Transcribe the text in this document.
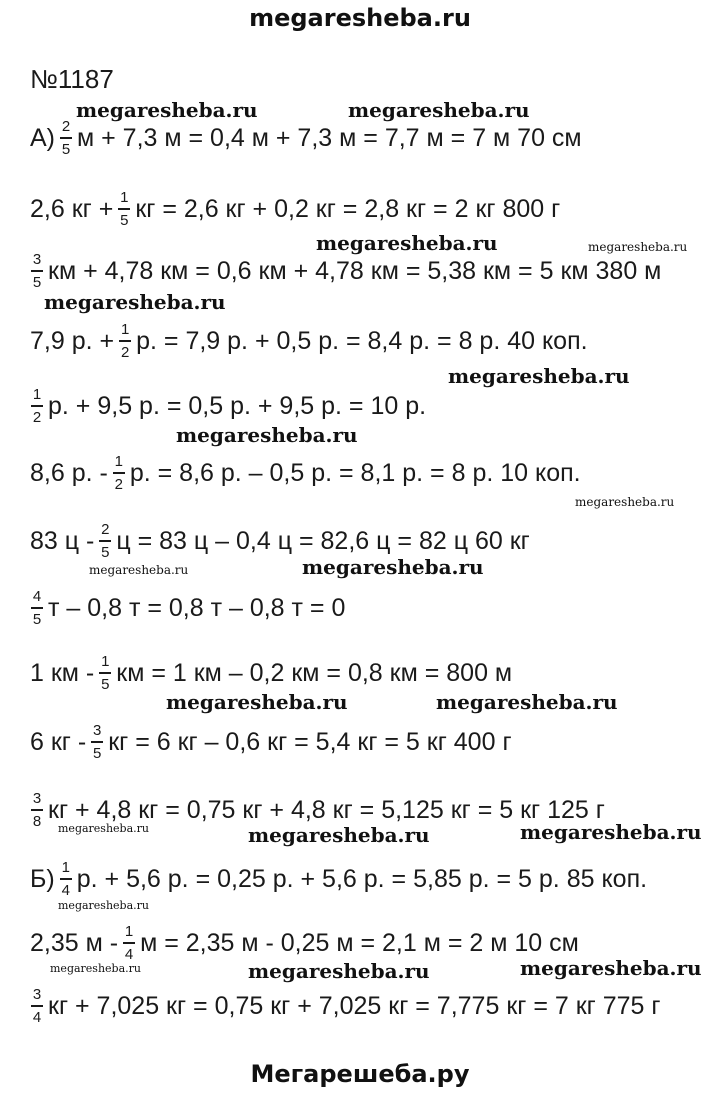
megaresheba.ru
№1187
$А) \frac{2}{5}$ м + 7,3 м = 0,4 м + 7,3 м = 7,7 м = 7 м 70 см
2,6 кг + $\frac{1}{5}$ кг = 2,6 кг + 0,2 кг = 2,8 кг = 2 кг 800 г
$\frac{3}{5}$ км + 4,78 км = 0,6 км + 4,78 км = 5,38 км = 5 км 380 м
7,9 р. + $\frac{1}{2} р$. = 7,9 р. + 0,5 р. = 8,4 р. = 8 р. 40 коп.
$\frac{1}{2} р$. + 9,5 р. = 0,5 р. + 9,5 р. = 10 р.
8,6 р. - $\frac{1}{2} р$. = 8,6 р. – 0,5 р. = 8,1 р. = 8 р. 10 коп.
83 ц - $\frac{2}{5}$ ц = 83 ц – 0,4 ц = 82,6 ц = 82 ц 60 кг
$\frac{4}{5}$ т – 0,8 т = 0,8 т – 0,8 т = 0
1 км - $\frac{1}{5}$ км = 1 км – 0,2 км = 0,8 км = 800 м
6 кг - $\frac{3}{5}$ кг = 6 кг – 0,6 кг = 5,4 кг = 5 кг 400 г
$\frac{3}{8}$ кг + 4,8 кг = 0,75 кг + 4,8 кг = 5,125 кг = 5 кг 125 г
$Б) \frac{1}{4} р$. + 5,6 р. = 0,25 р. + 5,6 р. = 5,85 р. = 5 р. 85 коп.
2,35 м - $\frac{1}{4}$ м = 2,35 м - 0,25 м = 2,1 м = 2 м 10 см
$\frac{3}{4}$ кг + 7,025 кг = 0,75 кг + 7,025 кг = 7,775 кг = 7 кг 775 г
megaresheba.ru	megaresheba.ru
megaresheba.ru	megaresheba.ru
megaresheba.ru
megaresheba.ru
megaresheba.ru
megaresheba.ru
megaresheba.ru	megaresheba.ru
megaresheba.ru	megaresheba.ru
megaresheba.ru	megaresheba.ru	megaresheba.ru
megaresheba.ru
megaresheba.ru	megaresheba.ru	megaresheba.ru
Мегарешеба.ру
